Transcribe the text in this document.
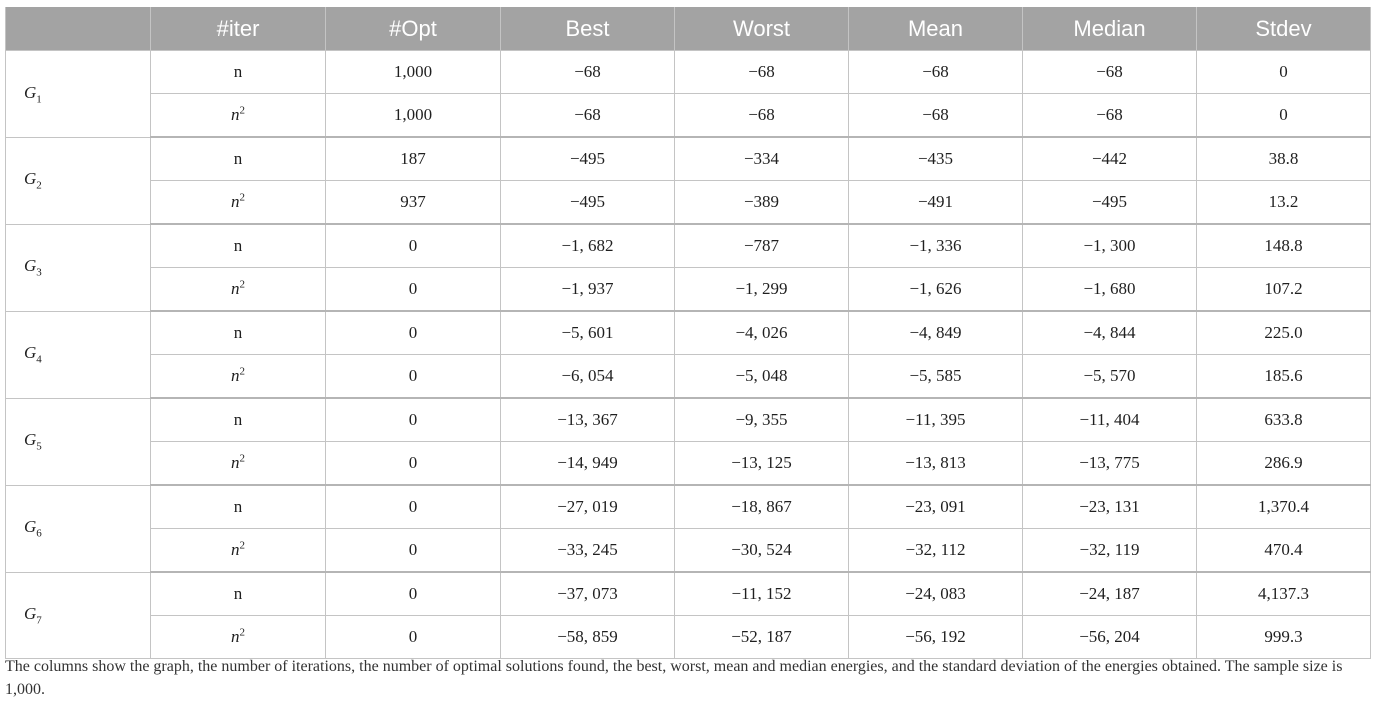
	#iter	#Opt	Best	Worst	Mean	Median	Stdev
$G_1$	n	1,000	−68	−68	−68	−68	0
	$n^2$	1,000	−68	−68	−68	−68	0
$G_2$	n	187	−495	−334	−435	−442	38.8
	$n^2$	937	−495	−389	−491	−495	13.2
$G_3$	n	0	−1, 682	−787	−1, 336	−1, 300	148.8
	$n^2$	0	−1, 937	−1, 299	−1, 626	−1, 680	107.2
$G_4$	n	0	−5, 601	−4, 026	−4, 849	−4, 844	225.0
	$n^2$	0	−6, 054	−5, 048	−5, 585	−5, 570	185.6
$G_5$	n	0	−13, 367	−9, 355	−11, 395	−11, 404	633.8
	$n^2$	0	−14, 949	−13, 125	−13, 813	−13, 775	286.9
$G_6$	n	0	−27, 019	−18, 867	−23, 091	−23, 131	1,370.4
	$n^2$	0	−33, 245	−30, 524	−32, 112	−32, 119	470.4
$G_7$	n	0	−37, 073	−11, 152	−24, 083	−24, 187	4,137.3
	$n^2$	0	−58, 859	−52, 187	−56, 192	−56, 204	999.3
The columns show the graph, the number of iterations, the number of optimal solutions found, the best, worst, mean and median energies, and the standard deviation of the energies obtained. The sample size is 1,000.
